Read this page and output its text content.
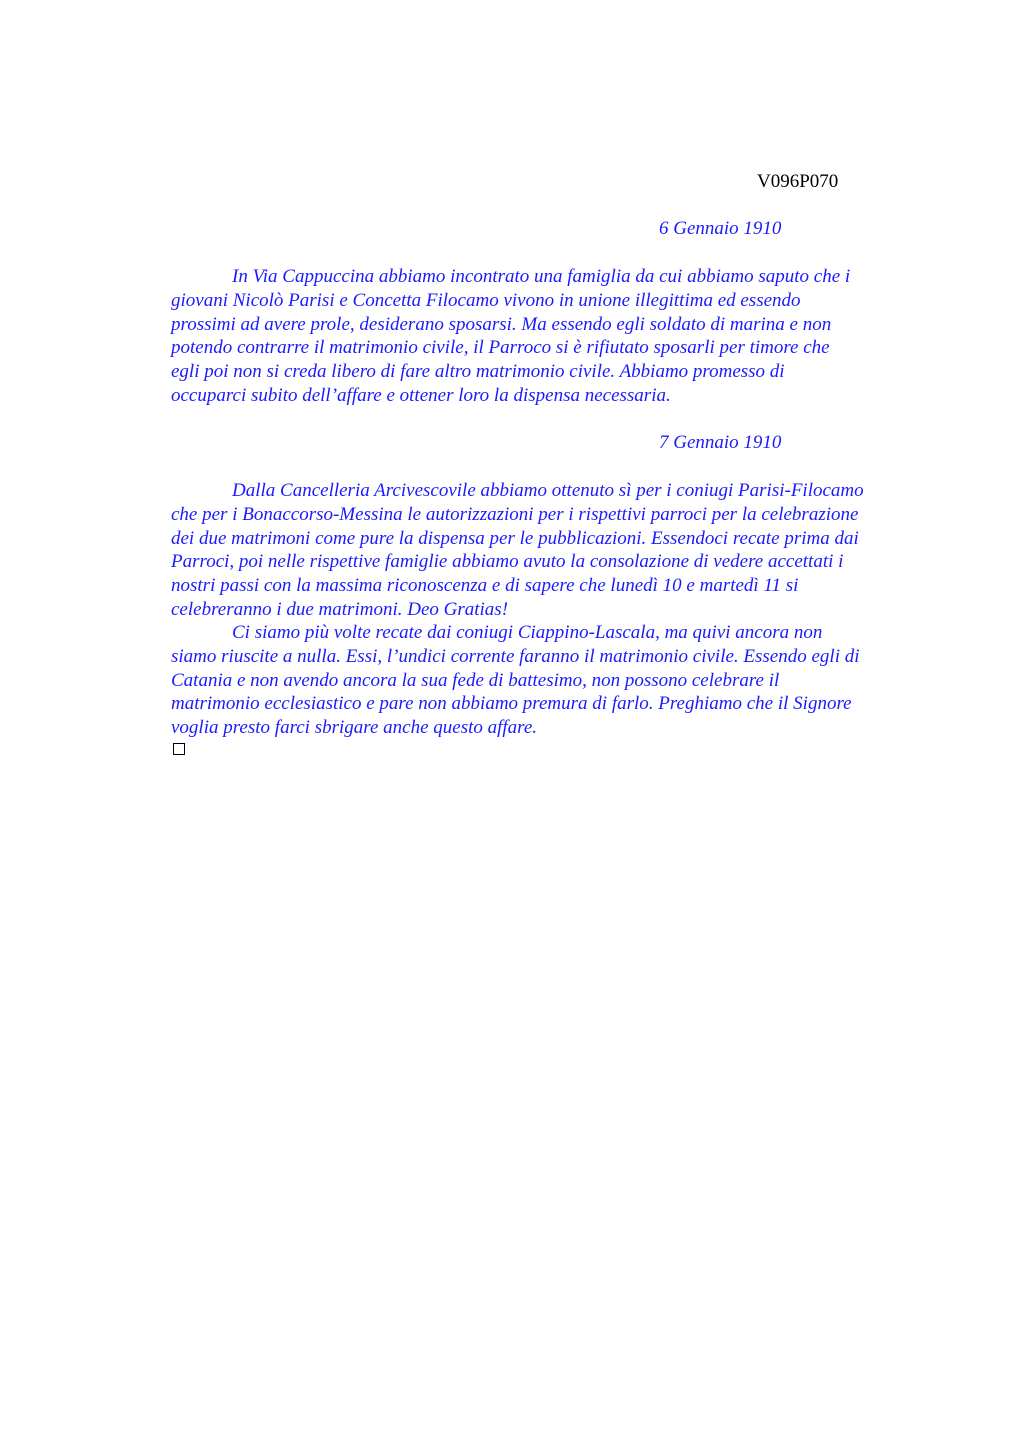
V096P070
6 Gennaio 1910

In Via Cappuccina abbiamo incontrato una famiglia da cui abbiamo saputo che i
giovani Nicolò Parisi e Concetta Filocamo vivono in unione illegittima ed essendo
prossimi ad avere prole, desiderano sposarsi. Ma essendo egli soldato di marina e non
potendo contrarre il matrimonio civile, il Parroco si è rifiutato sposarli per timore che
egli poi non si creda libero di fare altro matrimonio civile. Abbiamo promesso di
occuparci subito dell’affare e ottener loro la dispensa necessaria.

7 Gennaio 1910

Dalla Cancelleria Arcivescovile abbiamo ottenuto sì per i coniugi Parisi-Filocamo
che per i Bonaccorso-Messina le autorizzazioni per i rispettivi parroci per la celebrazione
dei due matrimoni come pure la dispensa per le pubblicazioni. Essendoci recate prima dai
Parroci, poi nelle rispettive famiglie abbiamo avuto la consolazione di vedere accettati i
nostri passi con la massima riconoscenza e di sapere che lunedì 10 e martedì 11 si
celebreranno i due matrimoni. Deo Gratias!

Ci siamo più volte recate dai coniugi Ciappino-Lascala, ma quivi ancora non
siamo riuscite a nulla. Essi, l’undici corrente faranno il matrimonio civile. Essendo egli di
Catania e non avendo ancora la sua fede di battesimo, non possono celebrare il
matrimonio ecclesiastico e pare non abbiamo premura di farlo. Preghiamo che il Signore
voglia presto farci sbrigare anche questo affare.
